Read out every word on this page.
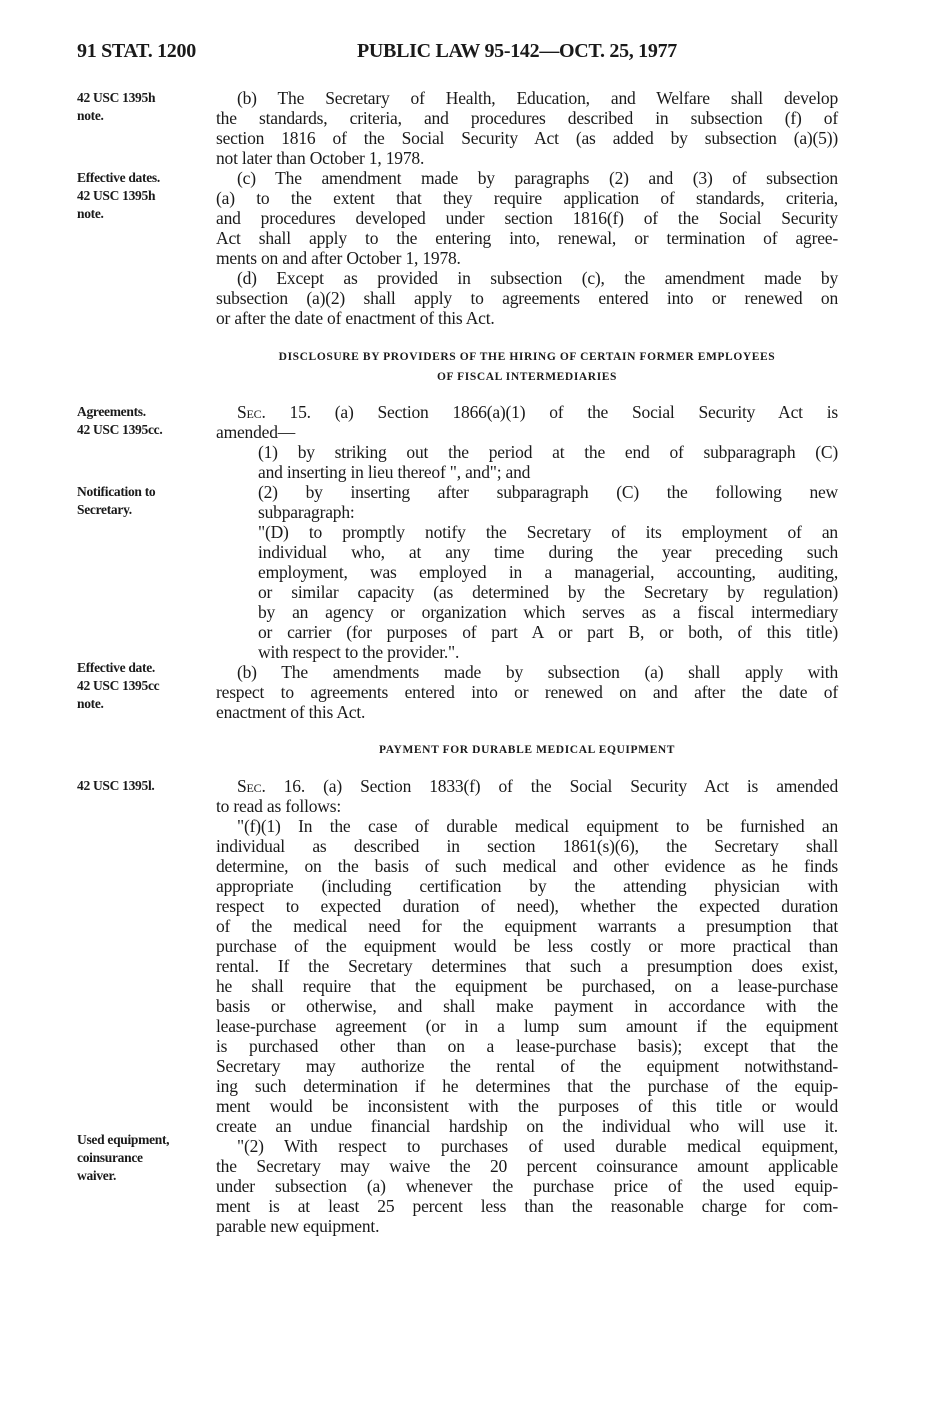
91 STAT. 1200	PUBLIC LAW 95-142—OCT. 25, 1977
42 USC 1395h
note.
Effective dates.
42 USC 1395h
note.
Agreements.
42 USC 1395cc.
Notification to
Secretary.
Effective date.
42 USC 1395cc
note.
42 USC 1395l.
Used equipment,
coinsurance
waiver.
(b) The Secretary of Health, Education, and Welfare shall develop
the standards, criteria, and procedures described in subsection (f) of
section 1816 of the Social Security Act (as added by subsection (a)(5))
not later than October 1, 1978.
(c) The amendment made by paragraphs (2) and (3) of subsection
(a) to the extent that they require application of standards, criteria,
and procedures developed under section 1816(f) of the Social Security
Act shall apply to the entering into, renewal, or termination of agree-
ments on and after October 1, 1978.
(d) Except as provided in subsection (c), the amendment made by
subsection (a)(2) shall apply to agreements entered into or renewed on
or after the date of enactment of this Act.
DISCLOSURE BY PROVIDERS OF THE HIRING OF CERTAIN FORMER EMPLOYEES
OF FISCAL INTERMEDIARIES
Sec. 15. (a) Section 1866(a)(1) of the Social Security Act is
amended—
(1) by striking out the period at the end of subparagraph (C)
and inserting in lieu thereof ", and"; and
(2) by inserting after subparagraph (C) the following new
subparagraph:
"(D) to promptly notify the Secretary of its employment of an
individual who, at any time during the year preceding such
employment, was employed in a managerial, accounting, auditing,
or similar capacity (as determined by the Secretary by regulation)
by an agency or organization which serves as a fiscal intermediary
or carrier (for purposes of part A or part B, or both, of this title)
with respect to the provider.".
(b) The amendments made by subsection (a) shall apply with
respect to agreements entered into or renewed on and after the date of
enactment of this Act.
PAYMENT FOR DURABLE MEDICAL EQUIPMENT
Sec. 16. (a) Section 1833(f) of the Social Security Act is amended
to read as follows:
"(f)(1) In the case of durable medical equipment to be furnished an
individual as described in section 1861(s)(6), the Secretary shall
determine, on the basis of such medical and other evidence as he finds
appropriate (including certification by the attending physician with
respect to expected duration of need), whether the expected duration
of the medical need for the equipment warrants a presumption that
purchase of the equipment would be less costly or more practical than
rental. If the Secretary determines that such a presumption does exist,
he shall require that the equipment be purchased, on a lease-purchase
basis or otherwise, and shall make payment in accordance with the
lease-purchase agreement (or in a lump sum amount if the equipment
is purchased other than on a lease-purchase basis); except that the
Secretary may authorize the rental of the equipment notwithstand-
ing such determination if he determines that the purchase of the equip-
ment would be inconsistent with the purposes of this title or would
create an undue financial hardship on the individual who will use it.
"(2) With respect to purchases of used durable medical equipment,
the Secretary may waive the 20 percent coinsurance amount applicable
under subsection (a) whenever the purchase price of the used equip-
ment is at least 25 percent less than the reasonable charge for com-
parable new equipment.
